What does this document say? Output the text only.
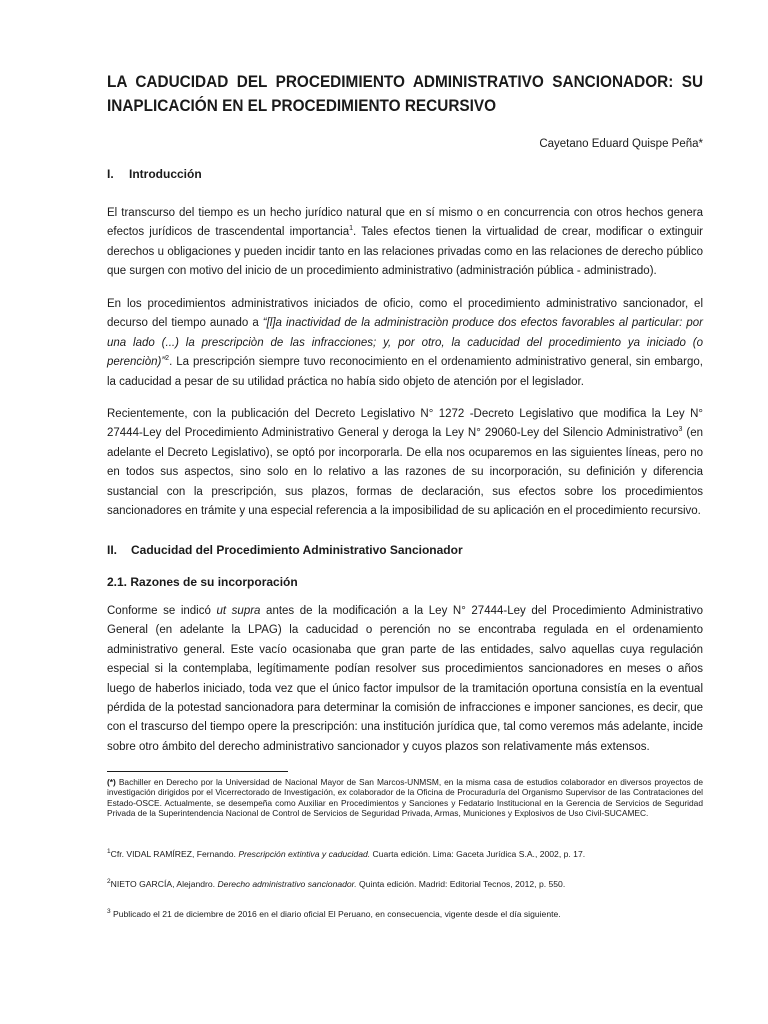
LA CADUCIDAD DEL PROCEDIMIENTO ADMINISTRATIVO SANCIONADOR: SU INAPLICACIÓN EN EL PROCEDIMIENTO RECURSIVO
Cayetano Eduard Quispe Peña*
I. Introducción
El transcurso del tiempo es un hecho jurídico natural que en sí mismo o en concurrencia con otros hechos genera efectos jurídicos de trascendental importancia$^1$. Tales efectos tienen la virtualidad de crear, modificar o extinguir derechos u obligaciones y pueden incidir tanto en las relaciones privadas como en las relaciones de derecho público que surgen con motivo del inicio de un procedimiento administrativo (administración pública - administrado).
En los procedimientos administrativos iniciados de oficio, como el procedimiento administrativo sancionador, el decurso del tiempo aunado a “[l]a inactividad de la administraciòn produce dos efectos favorables al particular: por una lado (...) la prescripciòn de las infracciones; y, por otro, la caducidad del procedimiento ya iniciado (o perenciòn)”$^2$. La prescripción siempre tuvo reconocimiento en el ordenamiento administrativo general, sin embargo, la caducidad a pesar de su utilidad práctica no había sido objeto de atención por el legislador.
Recientemente, con la publicación del Decreto Legislativo N° 1272 -Decreto Legislativo que modifica la Ley N° 27444-Ley del Procedimiento Administrativo General y deroga la Ley N° 29060-Ley del Silencio Administrativo$^3$ (en adelante el Decreto Legislativo), se optó por incorporarla. De ella nos ocuparemos en las siguientes líneas, pero no en todos sus aspectos, sino solo en lo relativo a las razones de su incorporación, su definición y diferencia sustancial con la prescripción, sus plazos, formas de declaración, sus efectos sobre los procedimientos sancionadores en trámite y una especial referencia a la imposibilidad de su aplicación en el procedimiento recursivo.
II. Caducidad del Procedimiento Administrativo Sancionador
2.1. Razones de su incorporación
Conforme se indicó ut supra antes de la modificación a la Ley N° 27444-Ley del Procedimiento Administrativo General (en adelante la LPAG) la caducidad o perención no se encontraba regulada en el ordenamiento administrativo general. Este vacío ocasionaba que gran parte de las entidades, salvo aquellas cuya regulación especial si la contemplaba, legítimamente podían resolver sus procedimientos sancionadores en meses o años luego de haberlos iniciado, toda vez que el único factor impulsor de la tramitación oportuna consistía en la eventual pérdida de la potestad sancionadora para determinar la comisión de infracciones e imponer sanciones, es decir, que con el trascurso del tiempo opere la prescripción: una institución jurídica que, tal como veremos más adelante, incide sobre otro ámbito del derecho administrativo sancionador y cuyos plazos son relativamente más extensos.
(*) Bachiller en Derecho por la Universidad de Nacional Mayor de San Marcos-UNMSM, en la misma casa de estudios colaborador en diversos proyectos de investigación dirigidos por el Vicerrectorado de Investigación, ex colaborador de la Oficina de Procuraduría del Organismo Supervisor de las Contrataciones del Estado-OSCE. Actualmente, se desempeña como Auxiliar en Procedimientos y Sanciones y Fedatario Institucional en la Gerencia de Servicios de Seguridad Privada de la Superintendencia Nacional de Control de Servicios de Seguridad Privada, Armas, Municiones y Explosivos de Uso Civil-SUCAMEC.
$^1$Cfr. VIDAL RAMÍREZ, Fernando. Prescripción extintiva y caducidad. Cuarta edición. Lima: Gaceta Jurídica S.A., 2002, p. 17.
$^2$NIETO GARCÍA, Alejandro. Derecho administrativo sancionador. Quinta edición. Madrid: Editorial Tecnos, 2012, p. 550.
$^3$ Publicado el 21 de diciembre de 2016 en el diario oficial El Peruano, en consecuencia, vigente desde el día siguiente.
